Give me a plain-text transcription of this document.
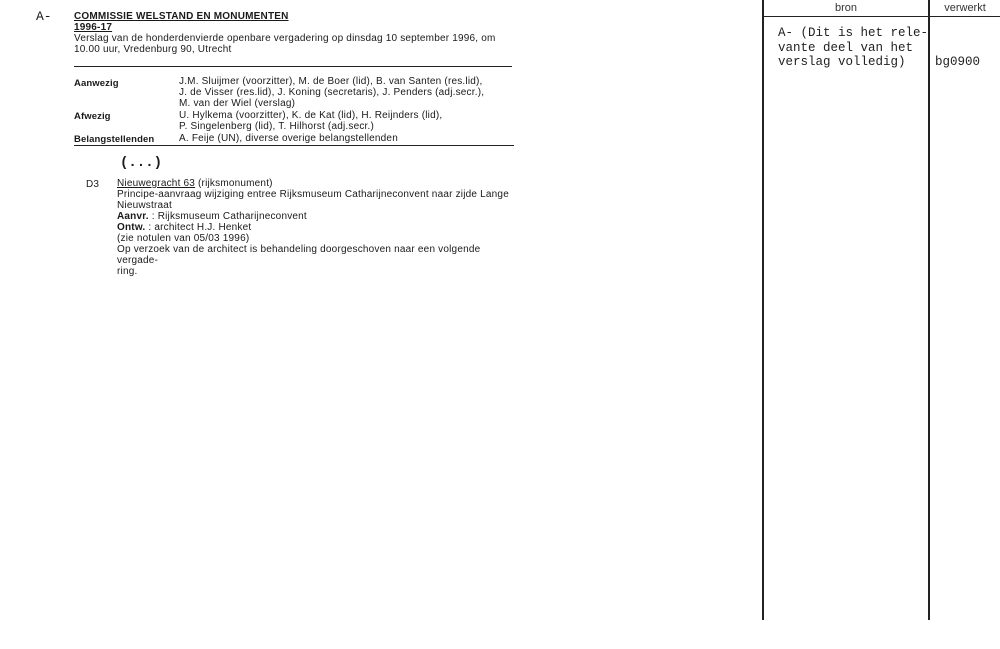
A- COMMISSIE WELSTAND EN MONUMENTEN
1996-17
Verslag van de honderdenvierde openbare vergadering op dinsdag 10 september 1996, om
10.00 uur, Vredenburg 90, Utrecht
Aanwezig	J.M. Sluijmer (voorzitter), M. de Boer (lid), B. van Santen (res.lid),
J. de Visser (res.lid), J. Koning (secretaris), J. Penders (adj.secr.),
M. van der Wiel (verslag)
Afwezig	U. Hylkema (voorzitter), K. de Kat (lid), H. Reijnders (lid),
P. Singelenberg (lid), T. Hilhorst (adj.secr.)
Belangstellenden A. Feije (UN), diverse overige belangstellenden
(...)
D3 Nieuwegracht 63 (rijksmonument)
Principe-aanvraag wijziging entree Rijksmuseum Catharijneconvent naar zijde Lange
Nieuwstraat
Aanvr. : Rijksmuseum Catharijneconvent
Ontw. : architect H.J. Henket
(zie notulen van 05/03 1996)
Op verzoek van de architect is behandeling doorgeschoven naar een volgende vergade-
ring.
bron	verwerkt
A- (Dit is het rele-
vante deel van het
verslag volledig)	bg0900
